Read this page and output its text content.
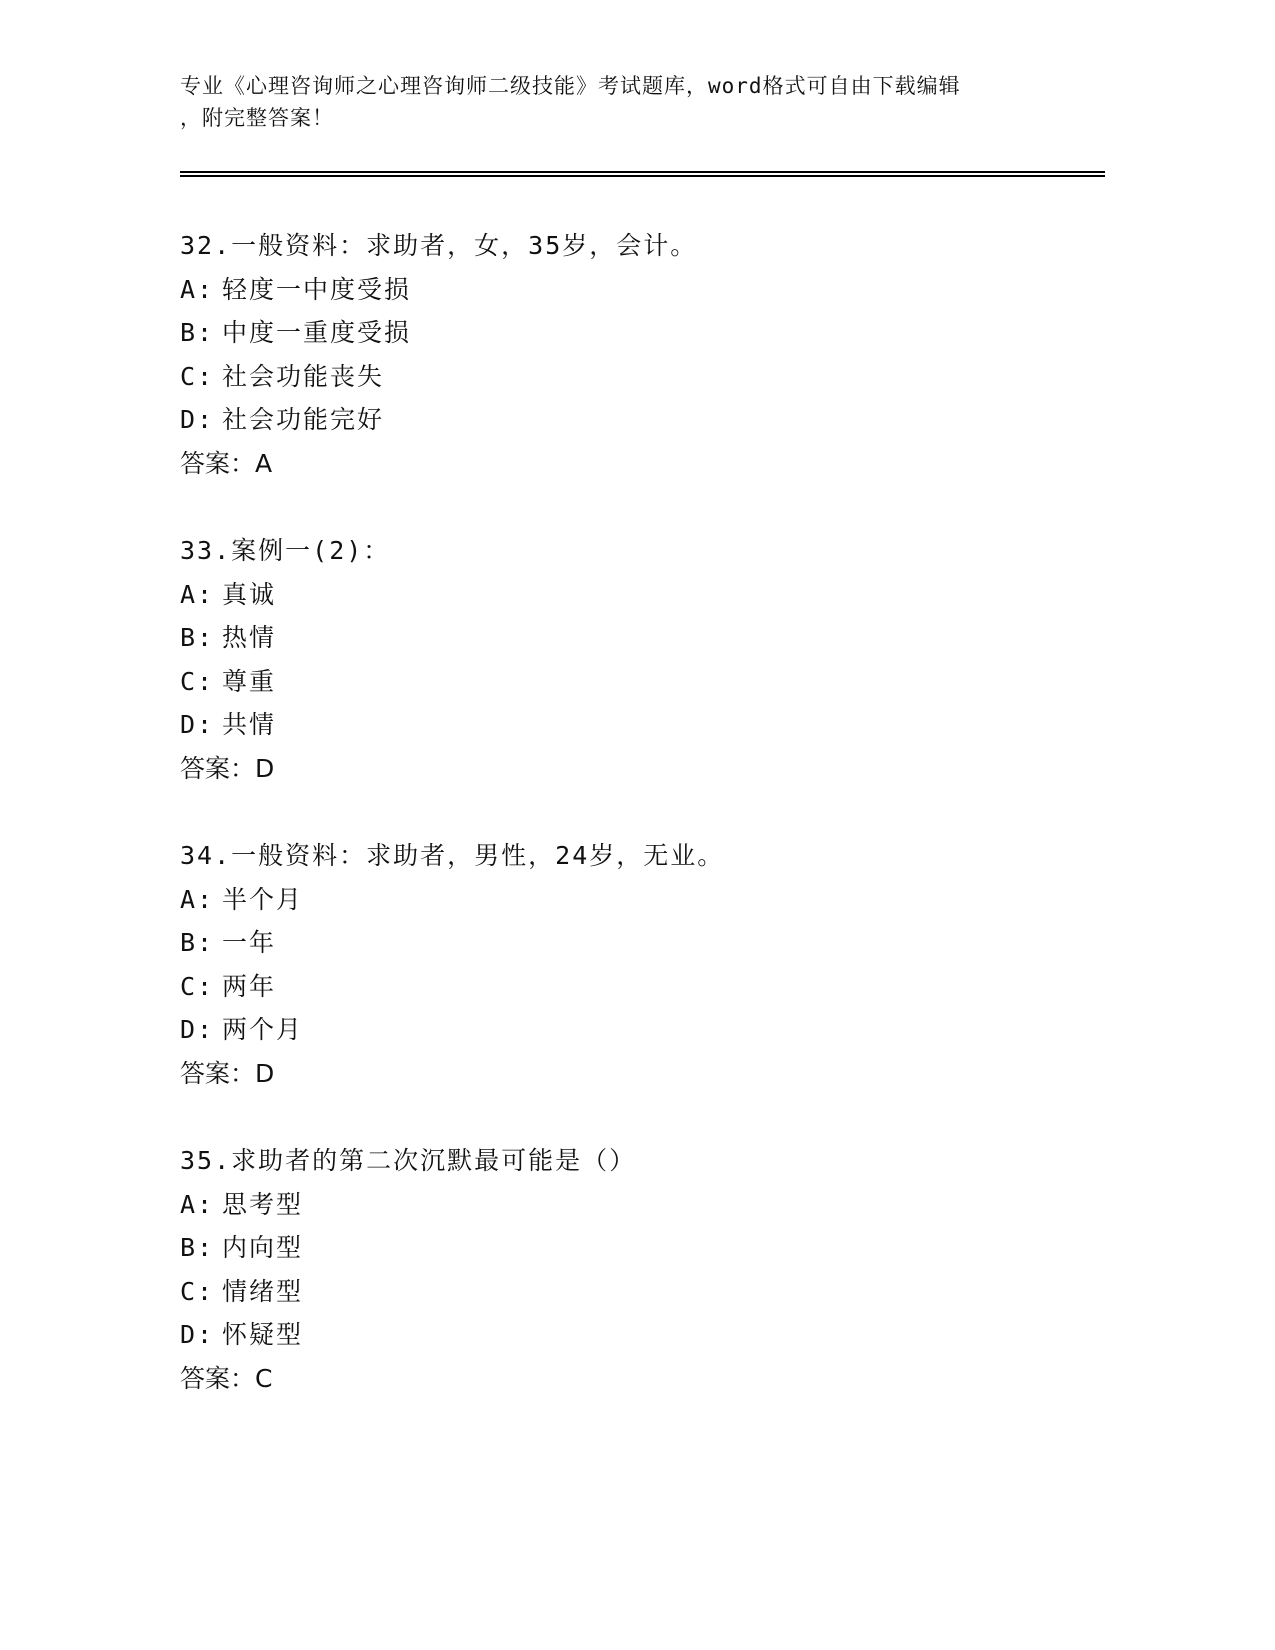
专业《心理咨询师之心理咨询师二级技能》考试题库，word格式可自由下载编辑
，附完整答案！
32.一般资料：求助者，女，35岁，会计。
A: 轻度一中度受损
B: 中度一重度受损
C: 社会功能丧失
D: 社会功能完好
答案：A
33.案例一(2)：
A: 真诚
B: 热情
C: 尊重
D: 共情
答案：D
34.一般资料：求助者，男性，24岁，无业。
A: 半个月
B: 一年
C: 两年
D: 两个月
答案：D
35.求助者的第二次沉默最可能是（）
A: 思考型
B: 内向型
C: 情绪型
D: 怀疑型
答案：C
